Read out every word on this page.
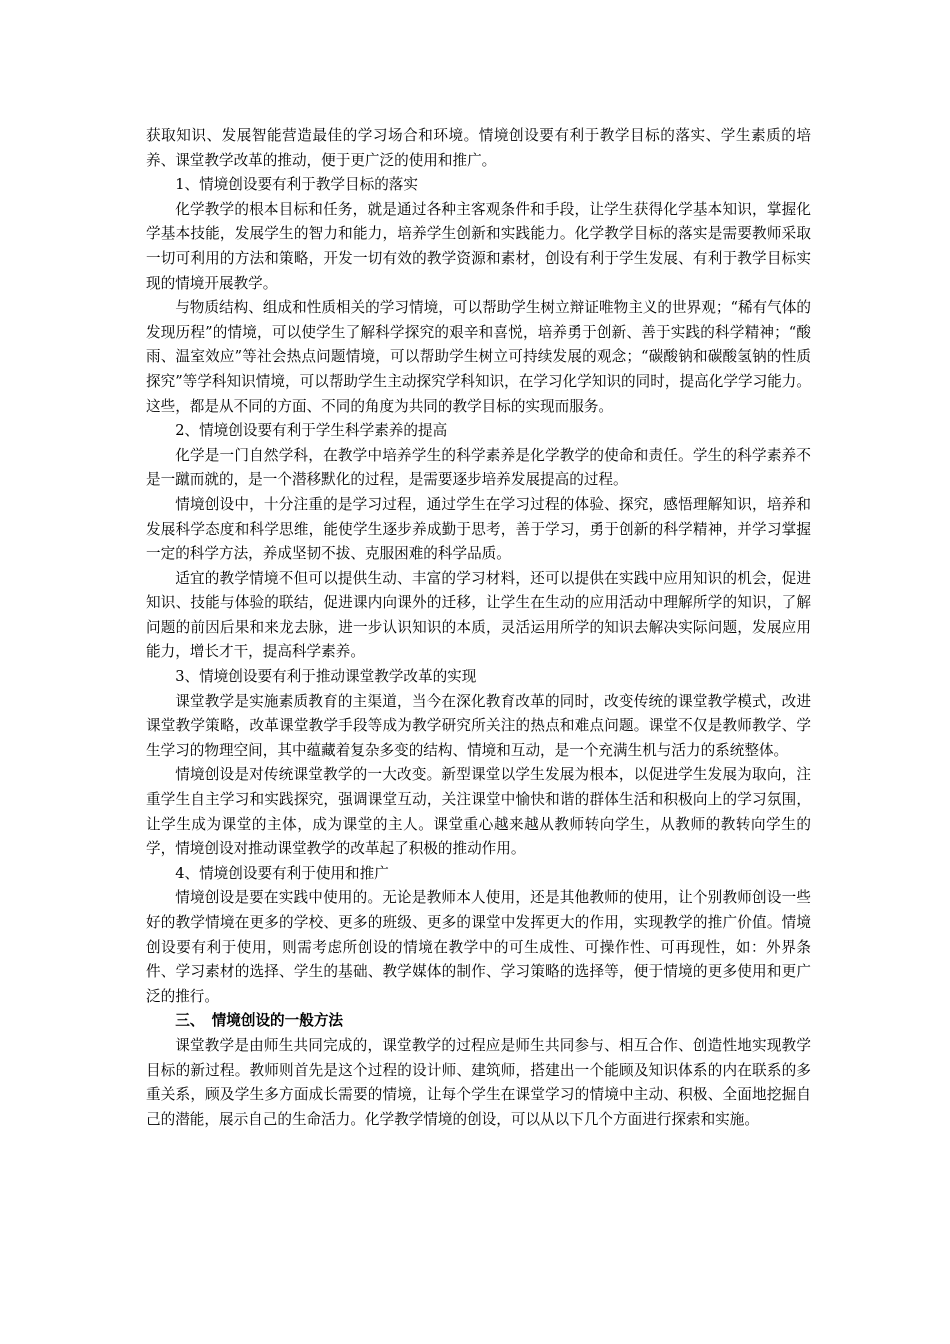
获取知识、发展智能营造最佳的学习场合和环境。情境创设要有利于教学目标的落实、学生素质的培养、课堂教学改革的推动，便于更广泛的使用和推广。

1、情境创设要有利于教学目标的落实

化学教学的根本目标和任务，就是通过各种主客观条件和手段，让学生获得化学基本知识，掌握化学基本技能，发展学生的智力和能力，培养学生创新和实践能力。化学教学目标的落实是需要教师采取一切可利用的方法和策略，开发一切有效的教学资源和素材，创设有利于学生发展、有利于教学目标实现的情境开展教学。

与物质结构、组成和性质相关的学习情境，可以帮助学生树立辩证唯物主义的世界观；“稀有气体的发现历程”的情境，可以使学生了解科学探究的艰辛和喜悦，培养勇于创新、善于实践的科学精神；“酸雨、温室效应”等社会热点问题情境，可以帮助学生树立可持续发展的观念；“碳酸钠和碳酸氢钠的性质探究”等学科知识情境，可以帮助学生主动探究学科知识，在学习化学知识的同时，提高化学学习能力。这些，都是从不同的方面、不同的角度为共同的教学目标的实现而服务。

2、情境创设要有利于学生科学素养的提高

化学是一门自然学科，在教学中培养学生的科学素养是化学教学的使命和责任。学生的科学素养不是一蹴而就的，是一个潜移默化的过程，是需要逐步培养发展提高的过程。

情境创设中，十分注重的是学习过程，通过学生在学习过程的体验、探究，感悟理解知识，培养和发展科学态度和科学思维，能使学生逐步养成勤于思考，善于学习，勇于创新的科学精神，并学习掌握一定的科学方法，养成坚韧不拔、克服困难的科学品质。

适宜的教学情境不但可以提供生动、丰富的学习材料，还可以提供在实践中应用知识的机会，促进知识、技能与体验的联结，促进课内向课外的迁移，让学生在生动的应用活动中理解所学的知识，了解问题的前因后果和来龙去脉，进一步认识知识的本质，灵活运用所学的知识去解决实际问题，发展应用能力，增长才干，提高科学素养。

3、情境创设要有利于推动课堂教学改革的实现

课堂教学是实施素质教育的主渠道，当今在深化教育改革的同时，改变传统的课堂教学模式，改进课堂教学策略，改革课堂教学手段等成为教学研究所关注的热点和难点问题。课堂不仅是教师教学、学生学习的物理空间，其中蕴藏着复杂多变的结构、情境和互动，是一个充满生机与活力的系统整体。

情境创设是对传统课堂教学的一大改变。新型课堂以学生发展为根本，以促进学生发展为取向，注重学生自主学习和实践探究，强调课堂互动，关注课堂中愉快和谐的群体生活和积极向上的学习氛围，让学生成为课堂的主体，成为课堂的主人。课堂重心越来越从教师转向学生，从教师的教转向学生的学，情境创设对推动课堂教学的改革起了积极的推动作用。

4、情境创设要有利于使用和推广

情境创设是要在实践中使用的。无论是教师本人使用，还是其他教师的使用，让个别教师创设一些好的教学情境在更多的学校、更多的班级、更多的课堂中发挥更大的作用，实现教学的推广价值。情境创设要有利于使用，则需考虑所创设的情境在教学中的可生成性、可操作性、可再现性，如：外界条件、学习素材的选择、学生的基础、教学媒体的制作、学习策略的选择等，便于情境的更多使用和更广泛的推行。

三、　情境创设的一般方法

课堂教学是由师生共同完成的，课堂教学的过程应是师生共同参与、相互合作、创造性地实现教学目标的新过程。教师则首先是这个过程的设计师、建筑师，搭建出一个能顾及知识体系的内在联系的多重关系，顾及学生多方面成长需要的情境，让每个学生在课堂学习的情境中主动、积极、全面地挖掘自己的潜能，展示自己的生命活力。化学教学情境的创设，可以从以下几个方面进行探索和实施。
